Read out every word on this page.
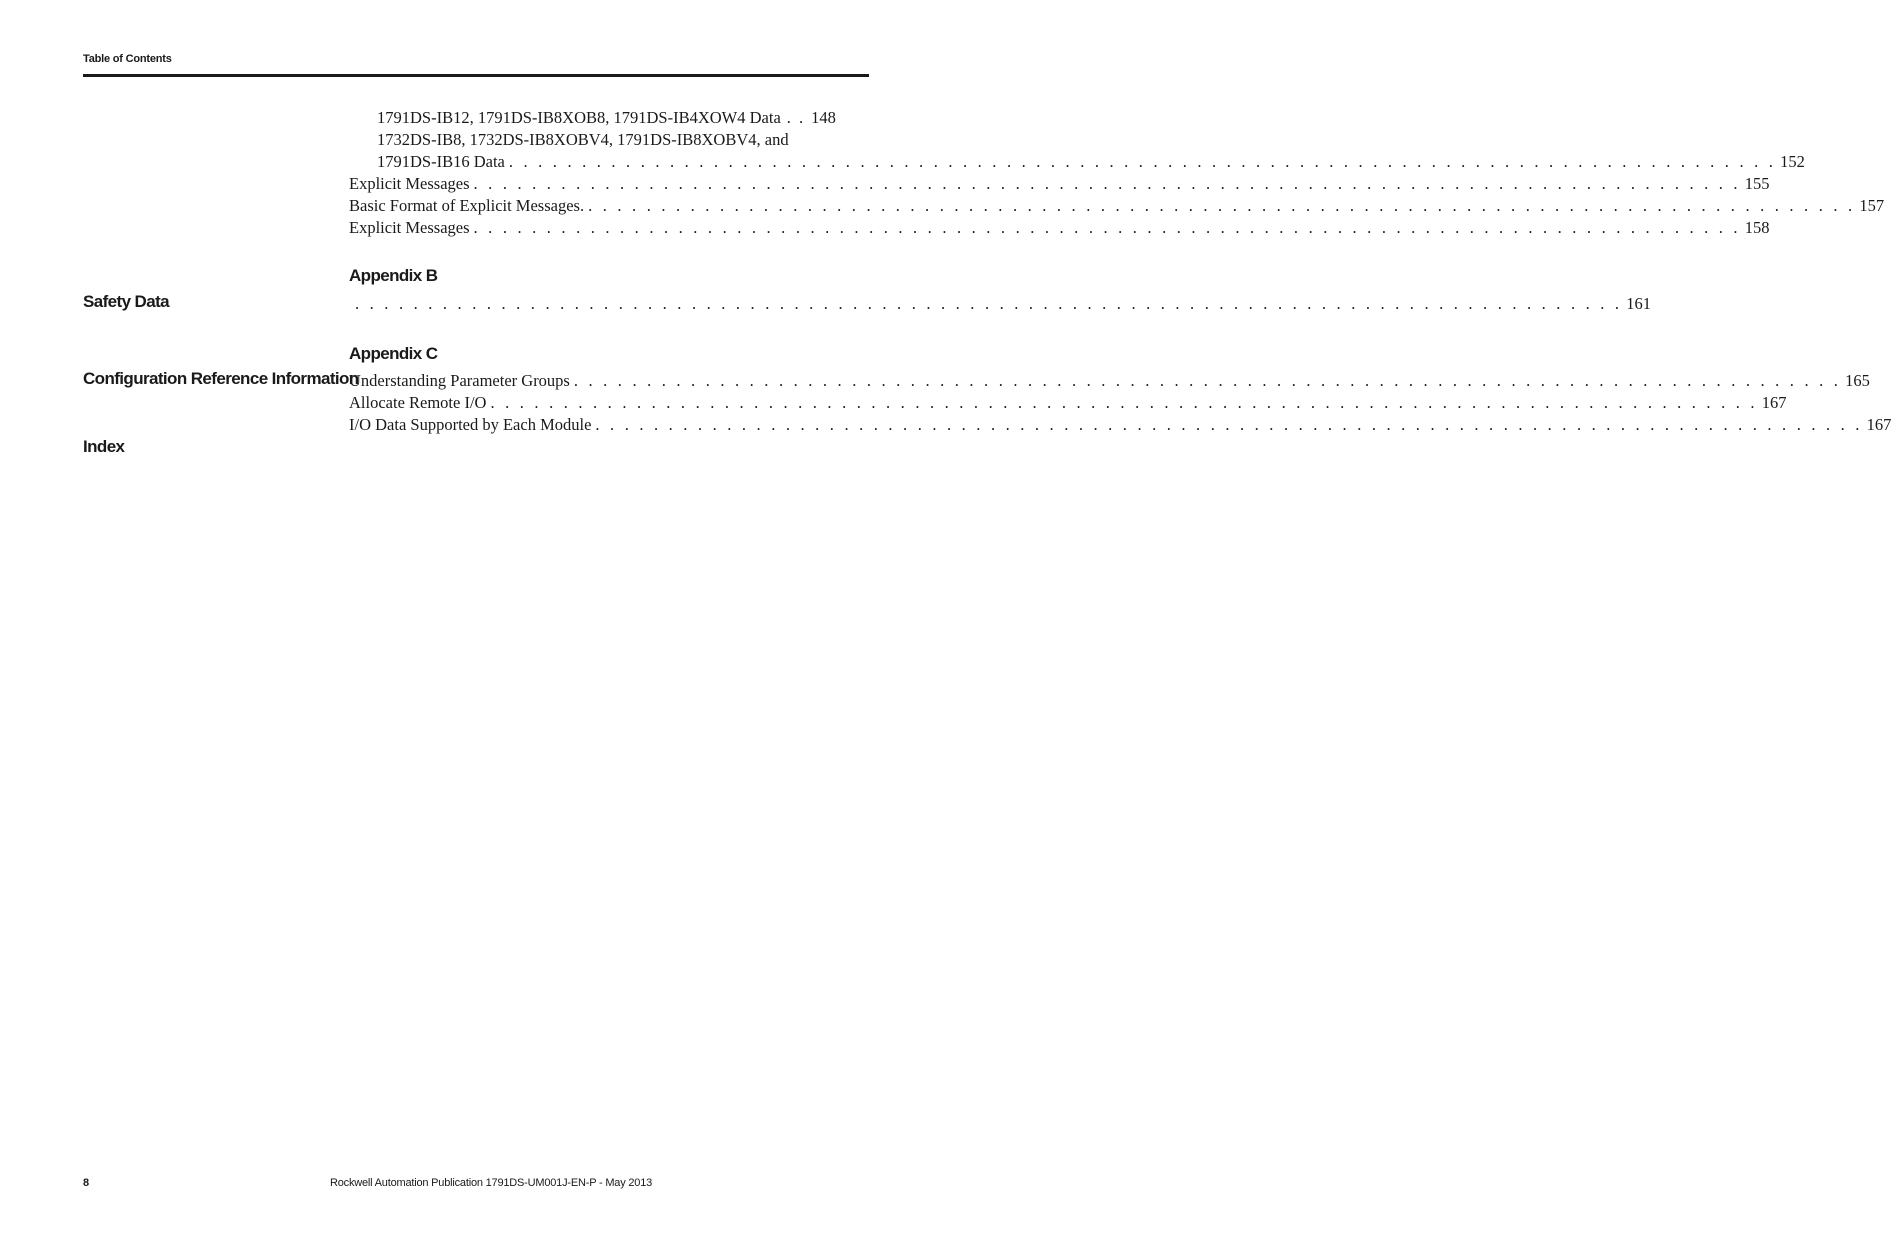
Table of Contents
1791DS-IB12, 1791DS-IB8XOB8, 1791DS-IB4XOW4 Data . . 148
1732DS-IB8, 1732DS-IB8XOBV4, 1791DS-IB8XOBV4, and
1791DS-IB16 Data . . . . . . . . . . . . . . . . . . . . . . . . . . . . . . . . . . . . . . . . . . . . . . . . . . . . . . . . . . . . . . . . . . . . . . . . . . . . . . . . . . . . . . . 152
Explicit Messages . . . . . . . . . . . . . . . . . . . . . . . . . . . . . . . . . . . . . . . . . . . . . . . . . . . . . . . . . . . . . . . . . . . . . . . . . . . . . . . . . . . . . . . 155
Basic Format of Explicit Messages. . . . . . . . . . . . . . . . . . . . . . . . . . . . . . . . . . . . . . . . . . . . . . . . . . . . . . . . . . . . . . . . . . . . . . . . . . . . . . . . . . . . . . . . 157
Explicit Messages . . . . . . . . . . . . . . . . . . . . . . . . . . . . . . . . . . . . . . . . . . . . . . . . . . . . . . . . . . . . . . . . . . . . . . . . . . . . . . . . . . . . . . . 158
Appendix B
Safety Data	. . . . . . . . . . . . . . . . . . . . . . . . . . . . . . . . . . . . . . . . . . . . . . . . . . . . . . . . . . . . . . . . . . . . . . . . . . . . . . . . . . . . . . . 161
Appendix C
Configuration Reference Information
Understanding Parameter Groups . . . . . . . . . . . . . . . . . . . . . . . . . . . . . . . . . . . . . . . . . . . . . . . . . . . . . . . . . . . . . . . . . . . . . . . . . . . . . . . . . . . . . . . 165
Allocate Remote I/O . . . . . . . . . . . . . . . . . . . . . . . . . . . . . . . . . . . . . . . . . . . . . . . . . . . . . . . . . . . . . . . . . . . . . . . . . . . . . . . . . . . . . . . 167
I/O Data Supported by Each Module . . . . . . . . . . . . . . . . . . . . . . . . . . . . . . . . . . . . . . . . . . . . . . . . . . . . . . . . . . . . . . . . . . . . . . . . . . . . . . . . . . . . . . . 167
Index
8	Rockwell Automation Publication 1791DS-UM001J-EN-P - May 2013
